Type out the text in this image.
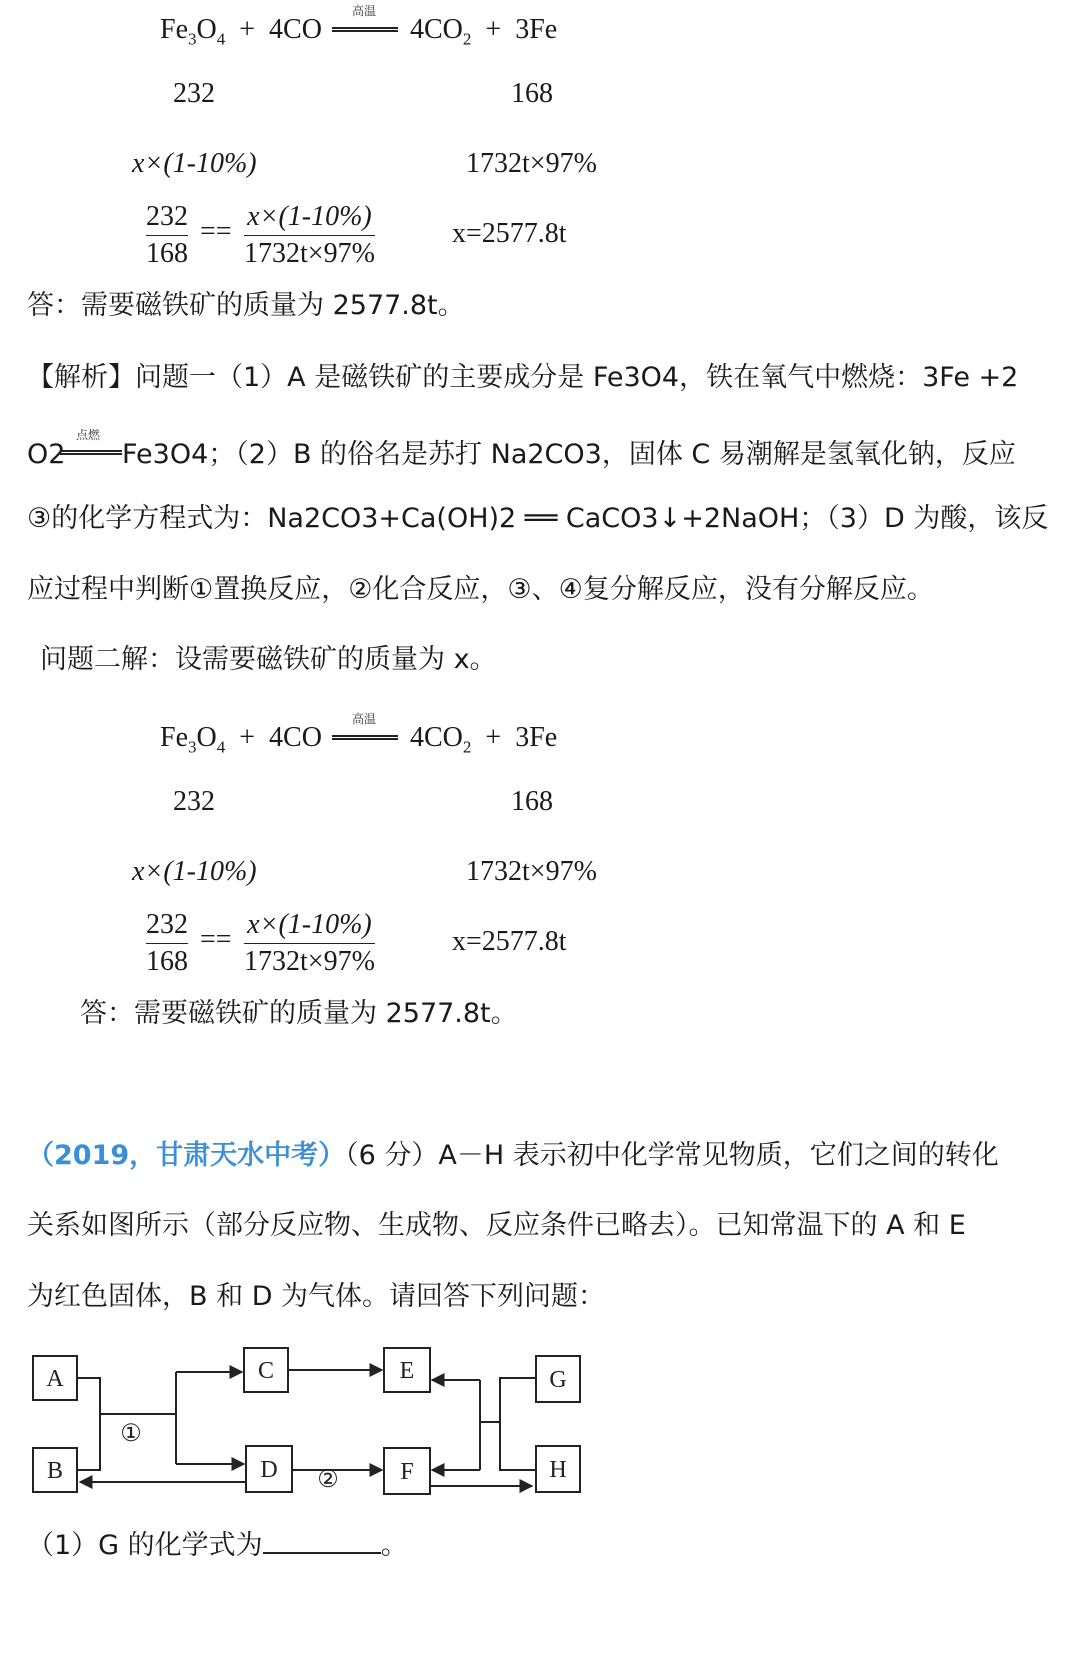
$Fe_3O_4 + 4CO$
高温
$4CO_2 + 3Fe$
232	168
x×(1-10%)	1732t×97%
232
168
== x×(1-10%)
1732t×97%
x=2577.8t
答：需要磁铁矿的质量为 2577.8t。
【解析】问题一（1）A 是磁铁矿的主要成分是 Fe3O4，铁在氧气中燃烧：3Fe +2
O2
点燃
Fe3O4；（2）B 的俗名是苏打 Na2CO3，固体 C 易潮解是氢氧化钠，反应
③的化学方程式为：Na2CO3+Ca(OH)2 ══ CaCO3↓+2NaOH；（3）D 为酸，该反
应过程中判断①置换反应，②化合反应，③、④复分解反应，没有分解反应。
问题二解：设需要磁铁矿的质量为 x。
$Fe_3O_4 + 4CO$
高温
$4CO_2 + 3Fe$
232	168
x×(1-10%)	1732t×97%
232
168
== x×(1-10%)
1732t×97%
x=2577.8t
答：需要磁铁矿的质量为 2577.8t。
（2019，甘肃天水中考）（6 分）A－H 表示初中化学常见物质，它们之间的转化
关系如图所示（部分反应物、生成物、反应条件已略去）。已知常温下的 A 和 E
为红色固体，B 和 D 为气体。请回答下列问题：
A
B
C
D
E
F
G
H
①
②
（1）G 的化学式为	。
